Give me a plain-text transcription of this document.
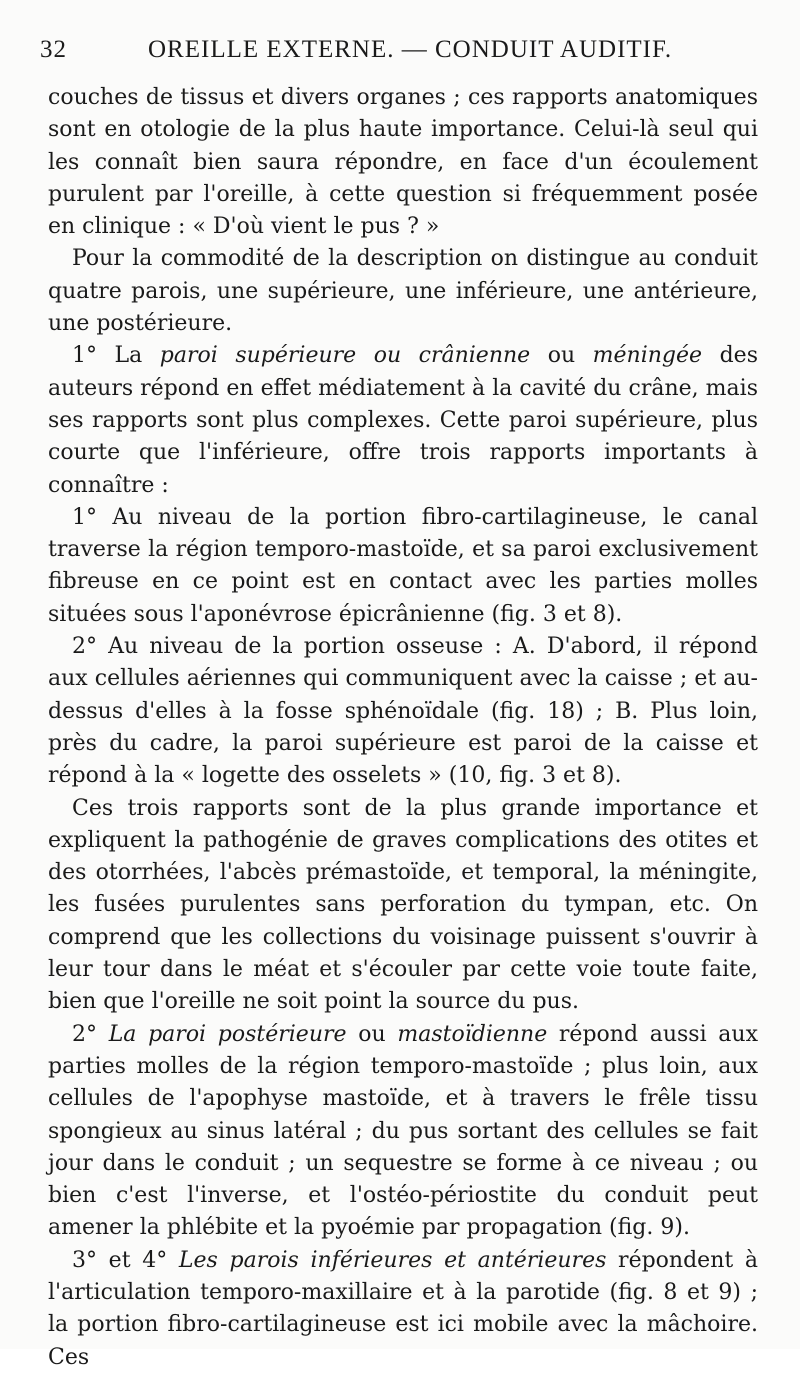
32	OREILLE EXTERNE. — CONDUIT AUDITIF.

couches de tissus et divers organes ; ces rapports anatomiques sont en otologie de la plus haute importance. Celui-là seul qui les connaît bien saura répondre, en face d'un écoulement purulent par l'oreille, à cette question si fréquemment posée en clinique : « D'où vient le pus ? »

Pour la commodité de la description on distingue au conduit quatre parois, une supérieure, une inférieure, une antérieure, une postérieure.

1° La paroi supérieure ou crânienne ou méningée des auteurs répond en effet médiatement à la cavité du crâne, mais ses rapports sont plus complexes. Cette paroi supérieure, plus courte que l'inférieure, offre trois rapports importants à connaître :

1° Au niveau de la portion fibro-cartilagineuse, le canal traverse la région temporo-mastoïde, et sa paroi exclusivement fibreuse en ce point est en contact avec les parties molles situées sous l'aponévrose épicrânienne (fig. 3 et 8).

2° Au niveau de la portion osseuse : A. D'abord, il répond aux cellules aériennes qui communiquent avec la caisse ; et au-dessus d'elles à la fosse sphénoïdale (fig. 18) ; B. Plus loin, près du cadre, la paroi supérieure est paroi de la caisse et répond à la « logette des osselets » (10, fig. 3 et 8).

Ces trois rapports sont de la plus grande importance et expliquent la pathogénie de graves complications des otites et des otorrhées, l'abcès prémastoïde, et temporal, la méningite, les fusées purulentes sans perforation du tympan, etc. On comprend que les collections du voisinage puissent s'ouvrir à leur tour dans le méat et s'écouler par cette voie toute faite, bien que l'oreille ne soit point la source du pus.

2° La paroi postérieure ou mastoïdienne répond aussi aux parties molles de la région temporo-mastoïde ; plus loin, aux cellules de l'apophyse mastoïde, et à travers le frêle tissu spongieux au sinus latéral ; du pus sortant des cellules se fait jour dans le conduit ; un sequestre se forme à ce niveau ; ou bien c'est l'inverse, et l'ostéo-périostite du conduit peut amener la phlébite et la pyoémie par propagation (fig. 9).

3° et 4° Les parois inférieures et antérieures répondent à l'articulation temporo-maxillaire et à la parotide (fig. 8 et 9) ; la portion fibro-cartilagineuse est ici mobile avec la mâchoire. Ces
